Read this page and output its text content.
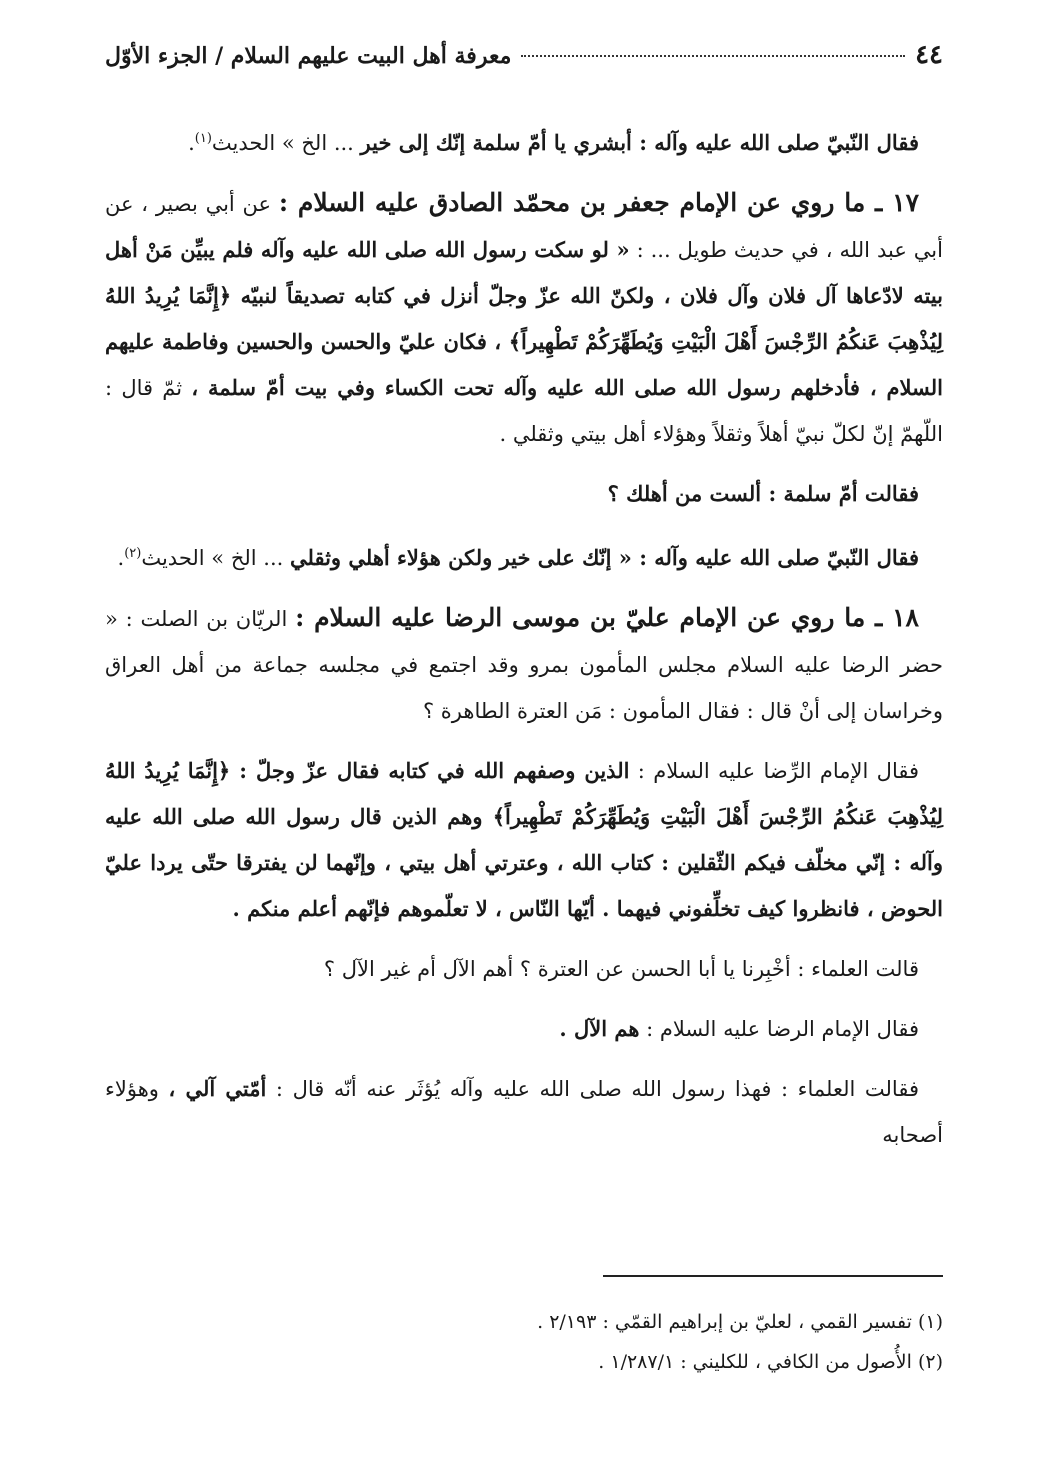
٤٤
معرفة أهل البيت عليهم السلام / الجزء الأوّل

فقال النّبيّ صلى الله عليه وآله : أبشري يا أمّ سلمة إنّك إلى خير ... الخ » الحديث$^{(١)}$.

١٧ ـ ما روي عن الإمام جعفر بن محمّد الصادق عليه السلام : عن أبي بصير ، عن أبي عبد الله ، في حديث طويل ... : « لو سكت رسول الله صلى الله عليه وآله فلم يبيِّن مَنْ أهل بيته لادّعاها آل فلان وآل فلان ، ولكنّ الله عزّ وجلّ أنزل في كتابه تصديقاً لنبيّه ﴿إِنَّمَا يُرِيدُ اللهُ لِيُذْهِبَ عَنكُمُ الرِّجْسَ أَهْلَ الْبَيْتِ وَيُطَهِّرَكُمْ تَطْهِيراً﴾ ، فكان عليّ والحسن والحسين وفاطمة عليهم السلام ، فأدخلهم رسول الله صلى الله عليه وآله تحت الكساء وفي بيت أمّ سلمة ، ثمّ قال : اللّهمّ إنّ لكلّ نبيّ أهلاً وثقلاً وهؤلاء أهل بيتي وثقلي .

فقالت أمّ سلمة : ألست من أهلك ؟

فقال النّبيّ صلى الله عليه وآله : « إنّك على خير ولكن هؤلاء أهلي وثقلي ... الخ » الحديث$^{(٢)}$.

١٨ ـ ما روي عن الإمام عليّ بن موسى الرضا عليه السلام : الريّان بن الصلت : « حضر الرضا عليه السلام مجلس المأمون بمرو وقد اجتمع في مجلسه جماعة من أهل العراق وخراسان إلى أنْ قال : فقال المأمون : مَن العترة الطاهرة ؟

فقال الإمام الرِّضا عليه السلام : الذين وصفهم الله في كتابه فقال عزّ وجلّ : ﴿إِنَّمَا يُرِيدُ اللهُ لِيُذْهِبَ عَنكُمُ الرِّجْسَ أَهْلَ الْبَيْتِ وَيُطَهِّرَكُمْ تَطْهِيراً﴾ وهم الذين قال رسول الله صلى الله عليه وآله : إنّي مخلّف فيكم الثّقلين : كتاب الله ، وعترتي أهل بيتي ، وإنّهما لن يفترقا حتّى يردا عليّ الحوض ، فانظروا كيف تخلِّفوني فيهما . أيّها النّاس ، لا تعلّموهم فإنّهم أعلم منكم .

قالت العلماء : أخْبِرنا يا أبا الحسن عن العترة ؟ أهم الآل أم غير الآل ؟

فقال الإمام الرضا عليه السلام : هم الآل .

فقالت العلماء : فهذا رسول الله صلى الله عليه وآله يُؤثَر عنه أنّه قال : أمّتي آلي ، وهؤلاء أصحابه

(١) تفسير القمي ، لعليّ بن إبراهيم القمّي : ٢/١٩٣ .
(٢) الأُصول من الكافي ، للكليني : ١/٢٨٧/١ .
